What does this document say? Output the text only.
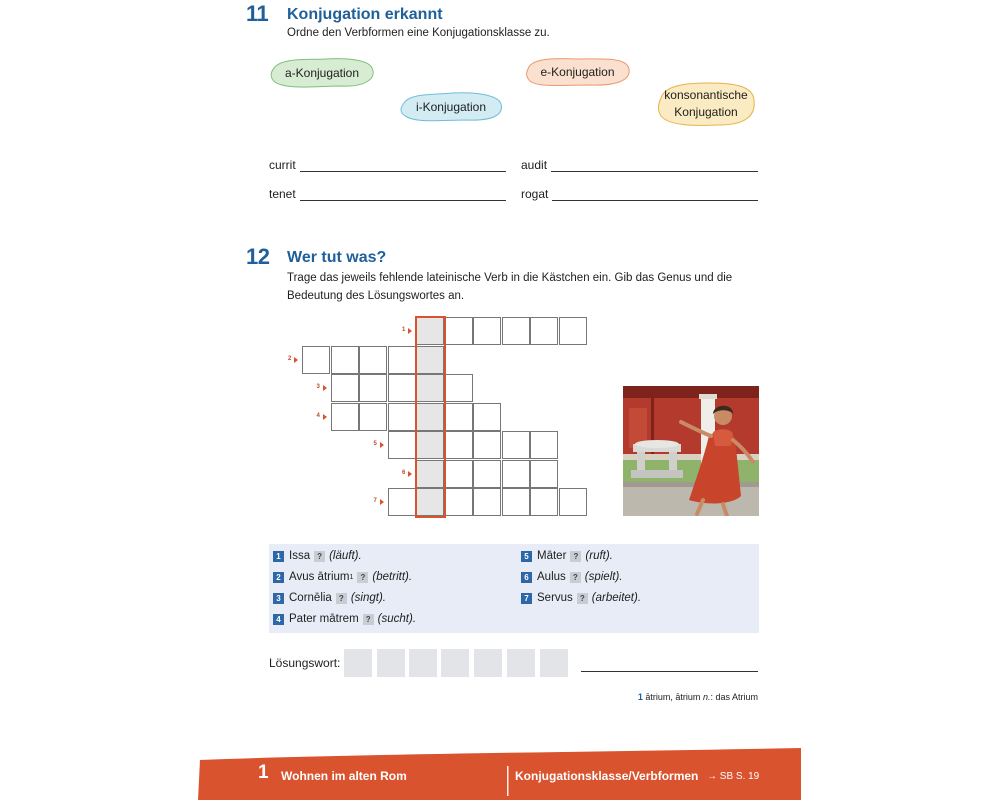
11 Konjugation erkannt
Ordne den Verbformen eine Konjugationsklasse zu.
a-Konjugation	e-Konjugation
i-Konjugation
konsonantische
Konjugation
currit	audit
tenet	rogat
12 Wer tut was?
Trage das jeweils fehlende lateinische Verb in die Kästchen ein. Gib das Genus und die
Bedeutung des Lösungswortes an.
1
2
3
4
5
6
7
1 Issa ? (läuft).
2 Avus ātrium 1 ? (betritt).
3 Cornēlia ? (singt).
4 Pater mātrem ? (sucht).
5 Māter ? (ruft).
6 Aulus ? (spielt).
7 Servus ? (arbeitet).
Lösungswort:
1 ātrium, ātrium n.: das Atrium
1 Wohnen im alten Rom	Konjugationsklasse/Verbformen → SB S. 19
